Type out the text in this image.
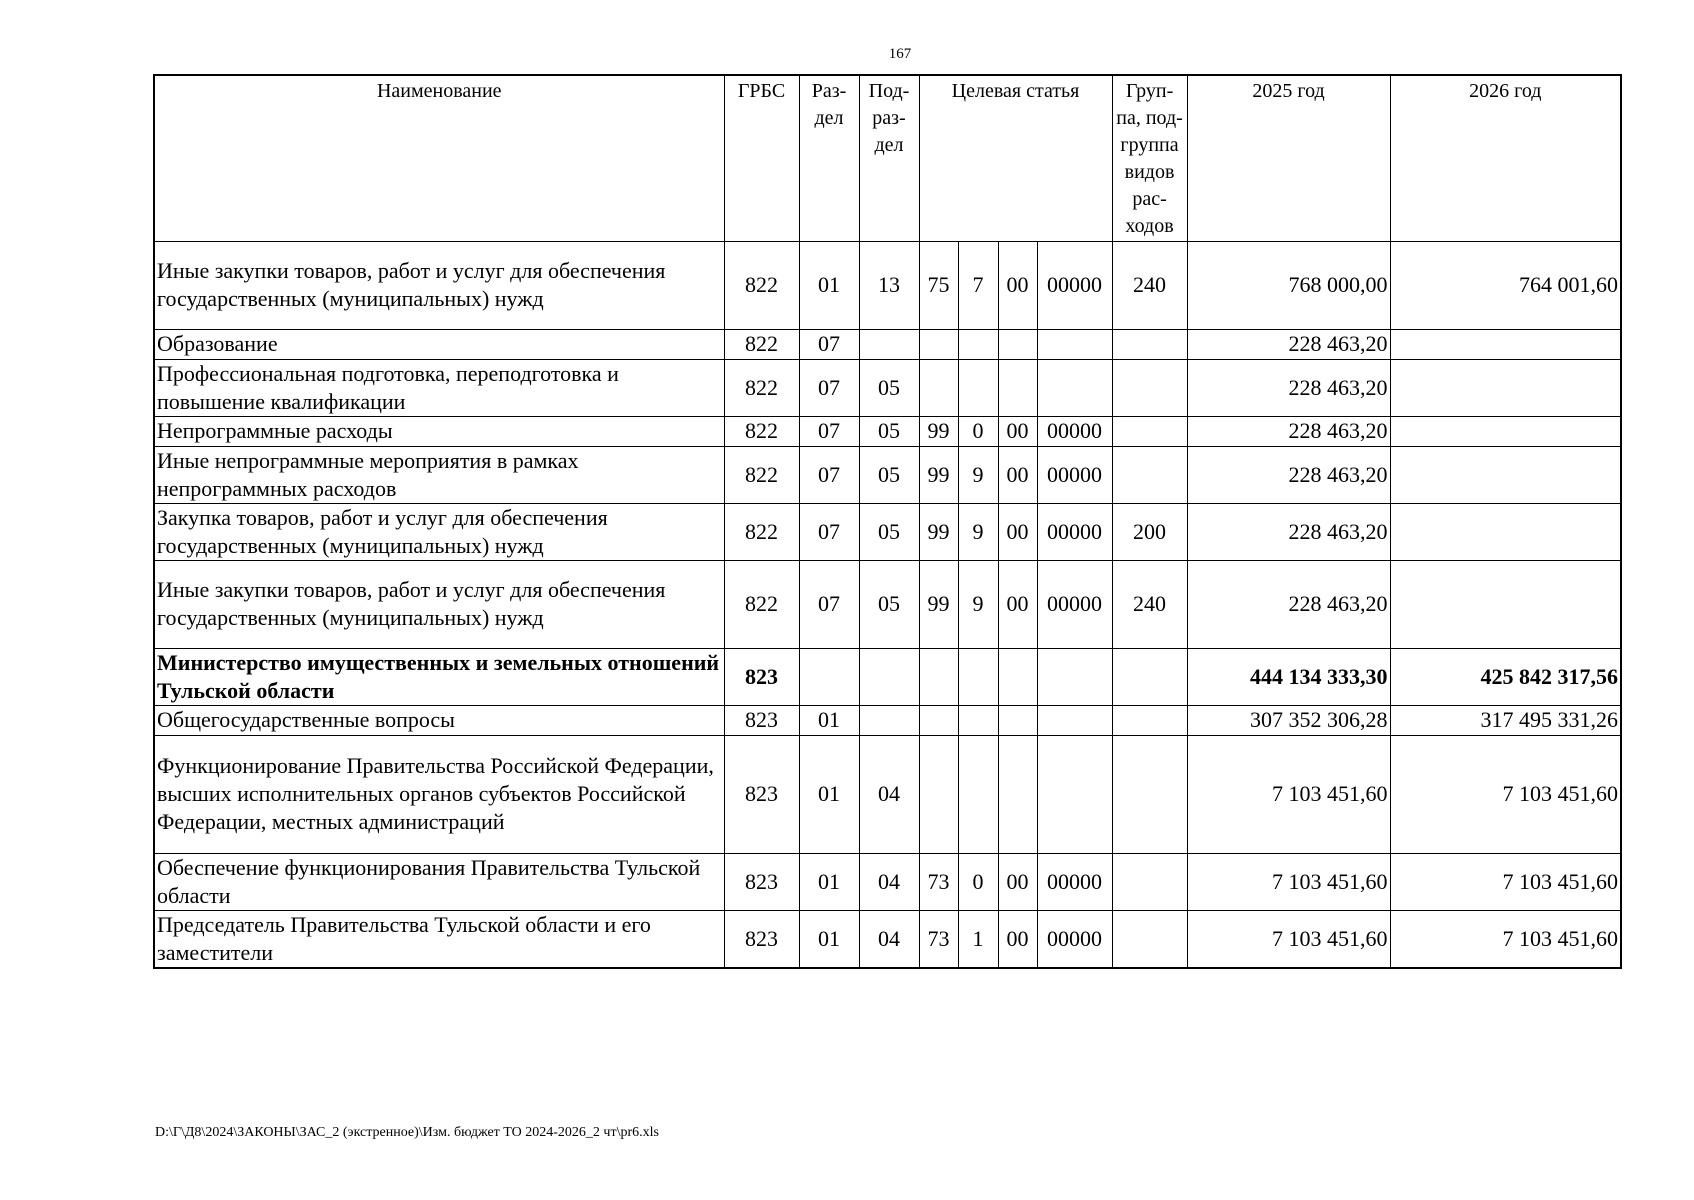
167
Наименование	ГРБС	Раз- дел	Под- раз- дел	Целевая статья				Груп- па, под- группа видов рас- ходов	2025 год	2026 год
Иные закупки товаров, работ и услуг для обеспечения государственных (муниципальных) нужд	822	01	13	75	7	00	00000	240	768 000,00	764 001,60
Образование	822	07							228 463,20	
Профессиональная подготовка, переподготовка и повышение квалификации	822	07	05						228 463,20	
Непрограммные расходы	822	07	05	99	0	00	00000		228 463,20	
Иные непрограммные мероприятия в рамках непрограммных расходов	822	07	05	99	9	00	00000		228 463,20	
Закупка товаров, работ и услуг для обеспечения государственных (муниципальных) нужд	822	07	05	99	9	00	00000	200	228 463,20	
Иные закупки товаров, работ и услуг для обеспечения государственных (муниципальных) нужд	822	07	05	99	9	00	00000	240	228 463,20	
Министерство имущественных и земельных отношений Тульской области	823								444 134 333,30	425 842 317,56
Общегосударственные вопросы	823	01							307 352 306,28	317 495 331,26
Функционирование Правительства Российской Федерации, высших исполнительных органов субъектов Российской Федерации, местных администраций	823	01	04						7 103 451,60	7 103 451,60
Обеспечение функционирования Правительства Тульской области	823	01	04	73	0	00	00000		7 103 451,60	7 103 451,60
Председатель Правительства Тульской области и его заместители	823	01	04	73	1	00	00000		7 103 451,60	7 103 451,60
D:\Г\Д8\2024\ЗАКОНЫ\ЗАС_2 (экстренное)\Изм. бюджет ТО 2024-2026_2 чт\pr6.xls
